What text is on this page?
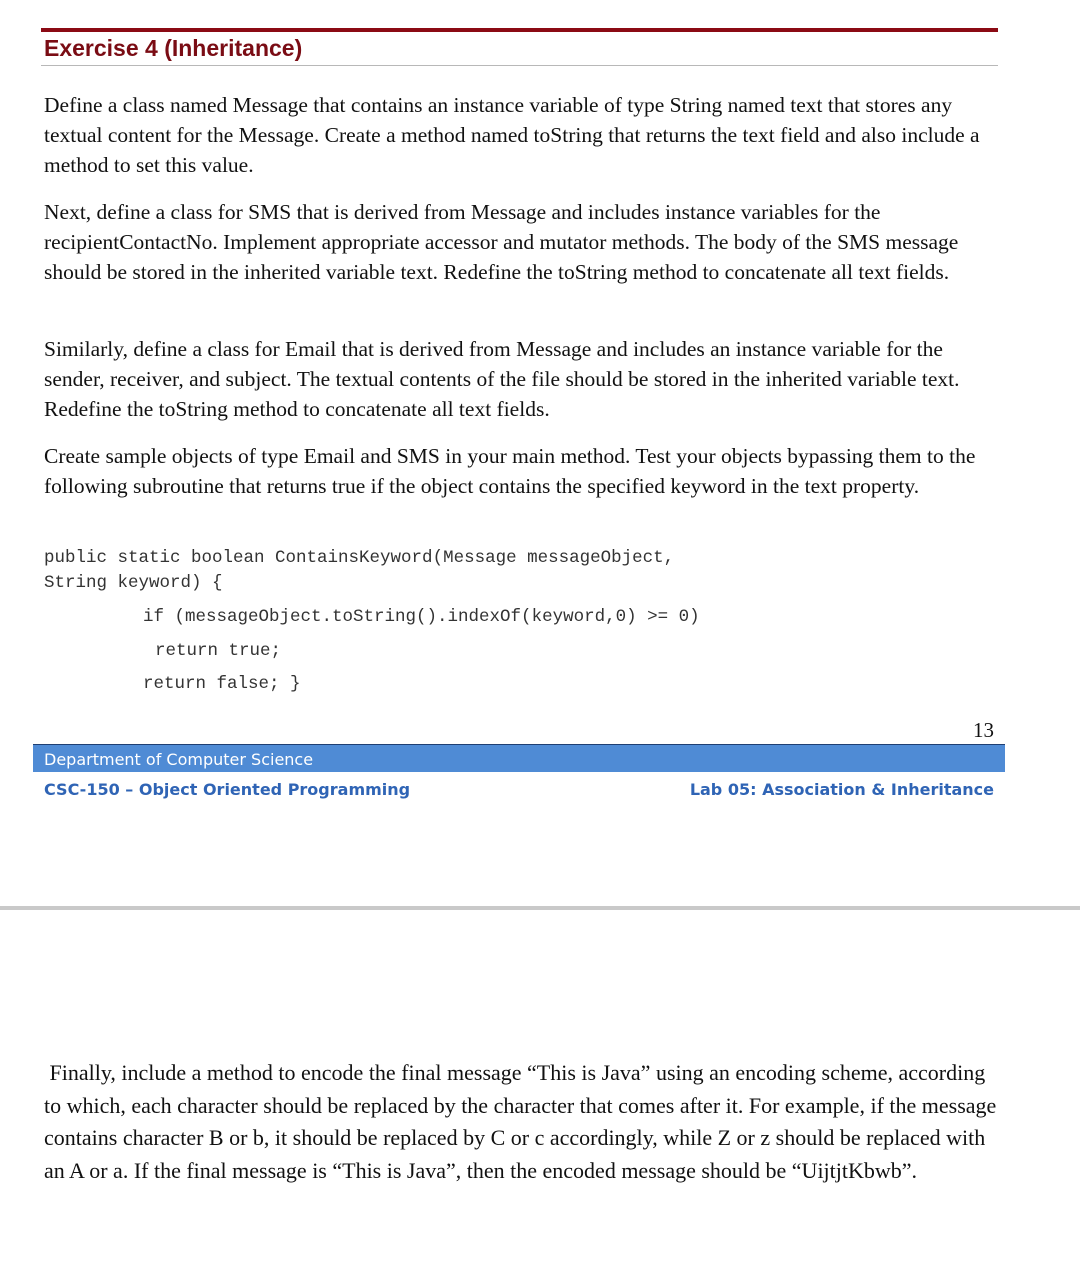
Exercise 4 (Inheritance)

Define a class named Message that contains an instance variable of type String named text that stores any textual content for the Message. Create a method named toString that returns the text field and also include a method to set this value.

Next, define a class for SMS that is derived from Message and includes instance variables for the recipientContactNo. Implement appropriate accessor and mutator methods. The body of the SMS message should be stored in the inherited variable text. Redefine the toString method to concatenate all text fields.

Similarly, define a class for Email that is derived from Message and includes an instance variable for the sender, receiver, and subject. The textual contents of the file should be stored in the inherited variable text. Redefine the toString method to concatenate all text fields.

Create sample objects of type Email and SMS in your main method. Test your objects bypassing them to the following subroutine that returns true if the object contains the specified keyword in the text property.

public static boolean ContainsKeyword(Message messageObject,
String keyword) {
if (messageObject.toString().indexOf(keyword,0) >= 0)
return true;
return false; }
13
Department of Computer Science
CSC-150 – Object Oriented Programming	Lab 05: Association & Inheritance

Finally, include a method to encode the final message “This is Java” using an encoding scheme, according to which, each character should be replaced by the character that comes after it. For example, if the message contains character B or b, it should be replaced by C or c accordingly, while Z or z should be replaced with an A or a. If the final message is “This is Java”, then the encoded message should be “UijtjtKbwb”.
